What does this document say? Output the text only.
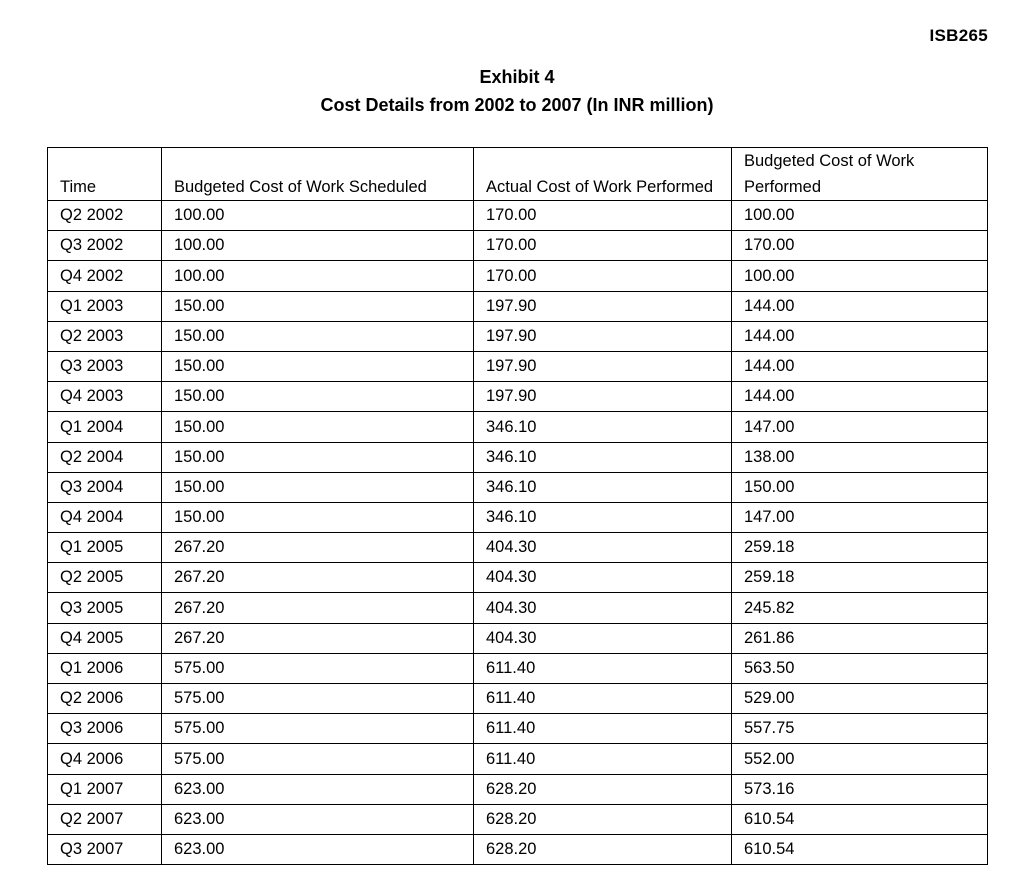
ISB265
Exhibit 4
Cost Details from 2002 to 2007 (In INR million)
Time	Budgeted Cost of Work Scheduled	Actual Cost of Work Performed	Budgeted Cost of Work Performed
Q2 2002	100.00	170.00	100.00
Q3 2002	100.00	170.00	170.00
Q4 2002	100.00	170.00	100.00
Q1 2003	150.00	197.90	144.00
Q2 2003	150.00	197.90	144.00
Q3 2003	150.00	197.90	144.00
Q4 2003	150.00	197.90	144.00
Q1 2004	150.00	346.10	147.00
Q2 2004	150.00	346.10	138.00
Q3 2004	150.00	346.10	150.00
Q4 2004	150.00	346.10	147.00
Q1 2005	267.20	404.30	259.18
Q2 2005	267.20	404.30	259.18
Q3 2005	267.20	404.30	245.82
Q4 2005	267.20	404.30	261.86
Q1 2006	575.00	611.40	563.50
Q2 2006	575.00	611.40	529.00
Q3 2006	575.00	611.40	557.75
Q4 2006	575.00	611.40	552.00
Q1 2007	623.00	628.20	573.16
Q2 2007	623.00	628.20	610.54
Q3 2007	623.00	628.20	610.54
